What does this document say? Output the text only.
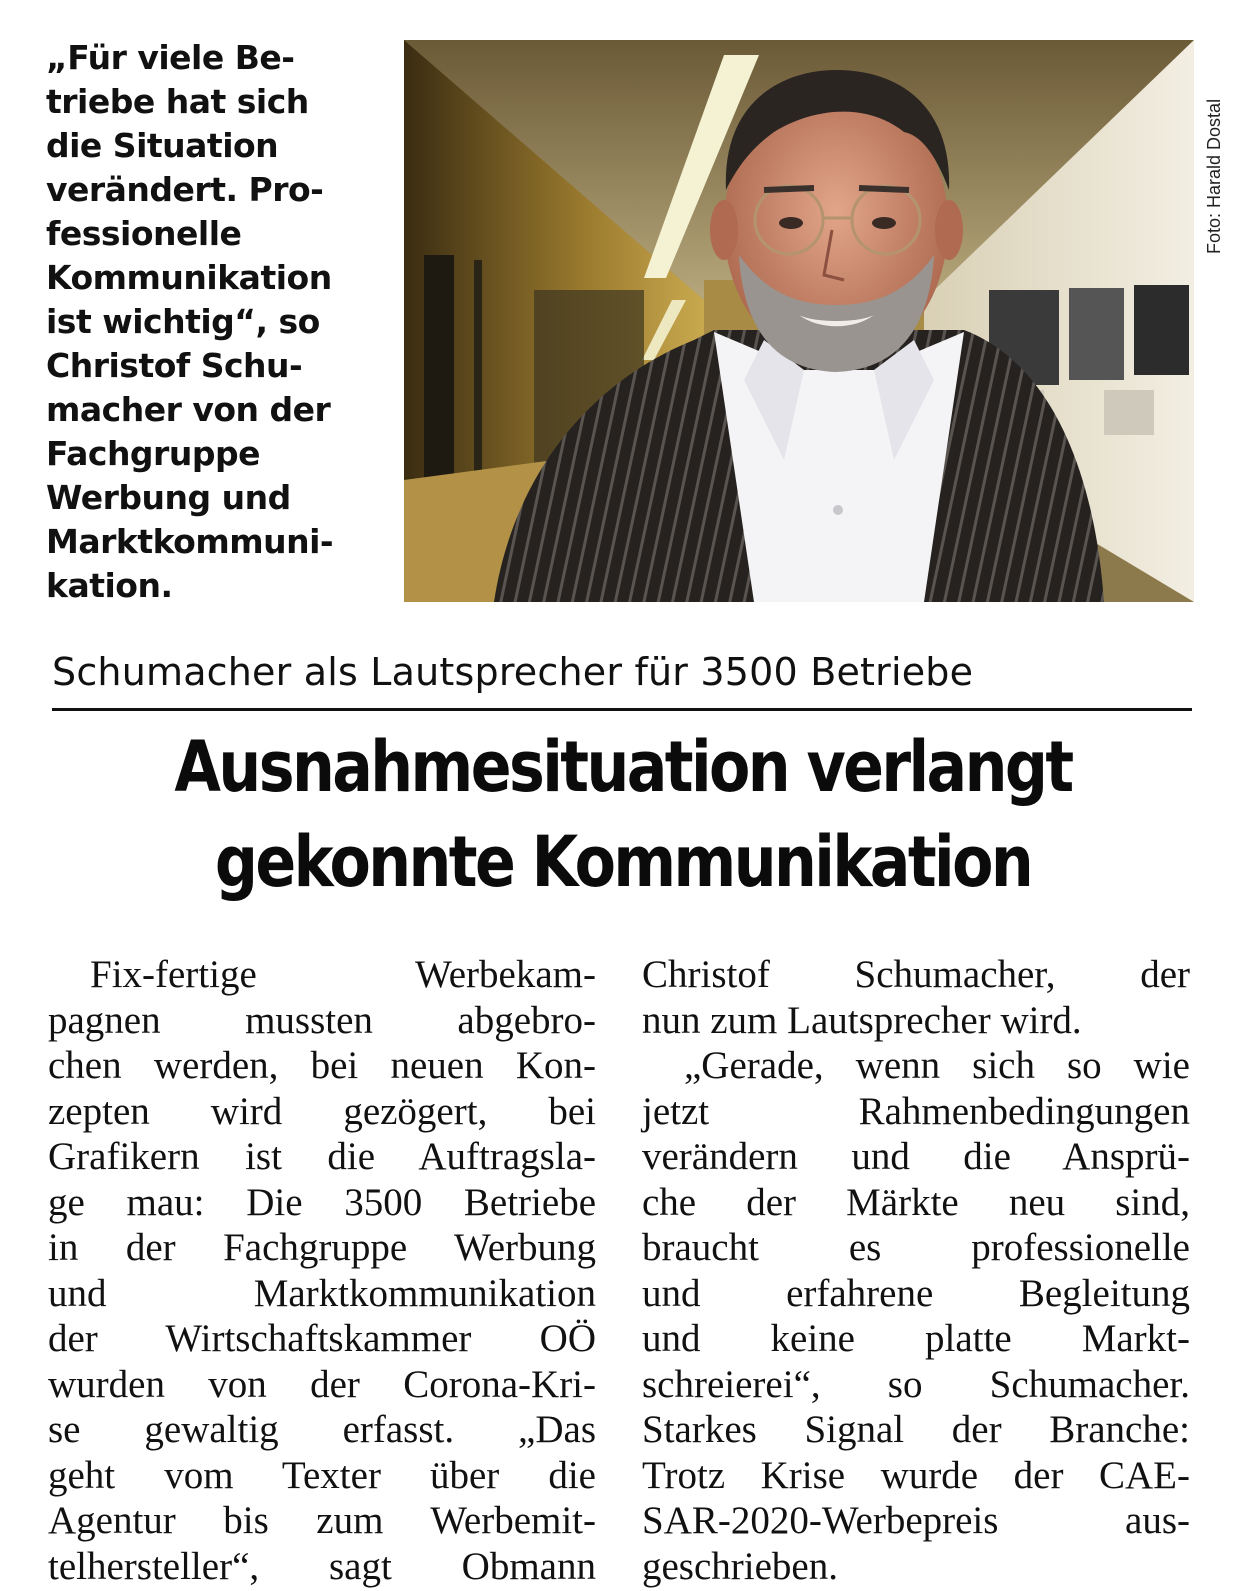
„Für viele Be-
triebe hat sich
die Situation
verändert. Pro-
fessionelle
Kommunikation
ist wichtig“, so
Christof Schu-
macher von der
Fachgruppe
Werbung und
Marktkommuni-
kation.
Foto: Harald Dostal
Schumacher als Lautsprecher für 3500 Betriebe
Ausnahmesituation verlangt
gekonnte Kommunikation
Fix-fertige Werbekam-
pagnen mussten abgebro-
chen werden, bei neuen Kon-
zepten wird gezögert, bei
Grafikern ist die Auftragsla-
ge mau: Die 3500 Betriebe
in der Fachgruppe Werbung
und Marktkommunikation
der Wirtschaftskammer OÖ
wurden von der Corona-Kri-
se gewaltig erfasst. „Das
geht vom Texter über die
Agentur bis zum Werbemit-
telhersteller“, sagt Obmann
Christof Schumacher, der
nun zum Lautsprecher wird.
„Gerade, wenn sich so wie
jetzt Rahmenbedingungen
verändern und die Ansprü-
che der Märkte neu sind,
braucht es professionelle
und erfahrene Begleitung
und keine platte Markt-
schreierei“, so Schumacher.
Starkes Signal der Branche:
Trotz Krise wurde der CAE-
SAR-2020-Werbepreis aus-
geschrieben.
